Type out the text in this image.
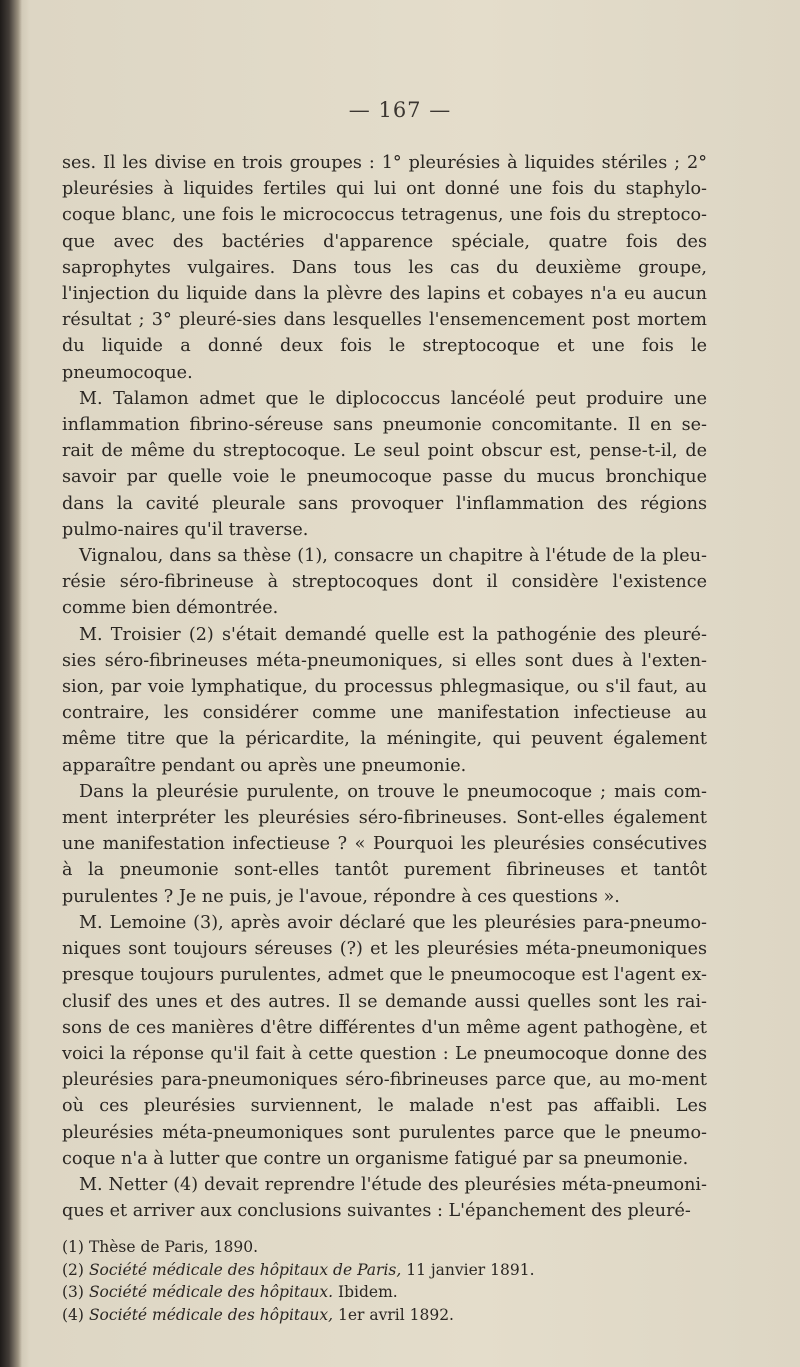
— 167 —

ses. Il les divise en trois groupes : 1° pleurésies à liquides stériles ; 2° pleurésies à liquides fertiles qui lui ont donné une fois du staphylo-coque blanc, une fois le micrococcus tetragenus, une fois du streptoco-que avec des bactéries d'apparence spéciale, quatre fois des saprophytes vulgaires. Dans tous les cas du deuxième groupe, l'injection du liquide dans la plèvre des lapins et cobayes n'a eu aucun résultat ; 3° pleuré-sies dans lesquelles l'ensemencement post mortem du liquide a donné deux fois le streptocoque et une fois le pneumocoque.

M. Talamon admet que le diplococcus lancéolé peut produire une inflammation fibrino-séreuse sans pneumonie concomitante. Il en se-rait de même du streptocoque. Le seul point obscur est, pense-t-il, de savoir par quelle voie le pneumocoque passe du mucus bronchique dans la cavité pleurale sans provoquer l'inflammation des régions pulmo-naires qu'il traverse.

Vignalou, dans sa thèse (1), consacre un chapitre à l'étude de la pleu-résie séro-fibrineuse à streptocoques dont il considère l'existence comme bien démontrée.

M. Troisier (2) s'était demandé quelle est la pathogénie des pleuré-sies séro-fibrineuses méta-pneumoniques, si elles sont dues à l'exten-sion, par voie lymphatique, du processus phlegmasique, ou s'il faut, au contraire, les considérer comme une manifestation infectieuse au même titre que la péricardite, la méningite, qui peuvent également apparaître pendant ou après une pneumonie.

Dans la pleurésie purulente, on trouve le pneumocoque ; mais com-ment interpréter les pleurésies séro-fibrineuses. Sont-elles également une manifestation infectieuse ? « Pourquoi les pleurésies consécutives à la pneumonie sont-elles tantôt purement fibrineuses et tantôt purulentes ? Je ne puis, je l'avoue, répondre à ces questions ».

M. Lemoine (3), après avoir déclaré que les pleurésies para-pneumo-niques sont toujours séreuses (?) et les pleurésies méta-pneumoniques presque toujours purulentes, admet que le pneumocoque est l'agent ex-clusif des unes et des autres. Il se demande aussi quelles sont les rai-sons de ces manières d'être différentes d'un même agent pathogène, et voici la réponse qu'il fait à cette question : Le pneumocoque donne des pleurésies para-pneumoniques séro-fibrineuses parce que, au mo-ment où ces pleurésies surviennent, le malade n'est pas affaibli. Les pleurésies méta-pneumoniques sont purulentes parce que le pneumo-coque n'a à lutter que contre un organisme fatigué par sa pneumonie.

M. Netter (4) devait reprendre l'étude des pleurésies méta-pneumoni-ques et arriver aux conclusions suivantes : L'épanchement des pleuré-

(1) Thèse de Paris, 1890.
(2) Société médicale des hôpitaux de Paris, 11 janvier 1891.
(3) Société médicale des hôpitaux. Ibidem.
(4) Société médicale des hôpitaux, 1er avril 1892.
